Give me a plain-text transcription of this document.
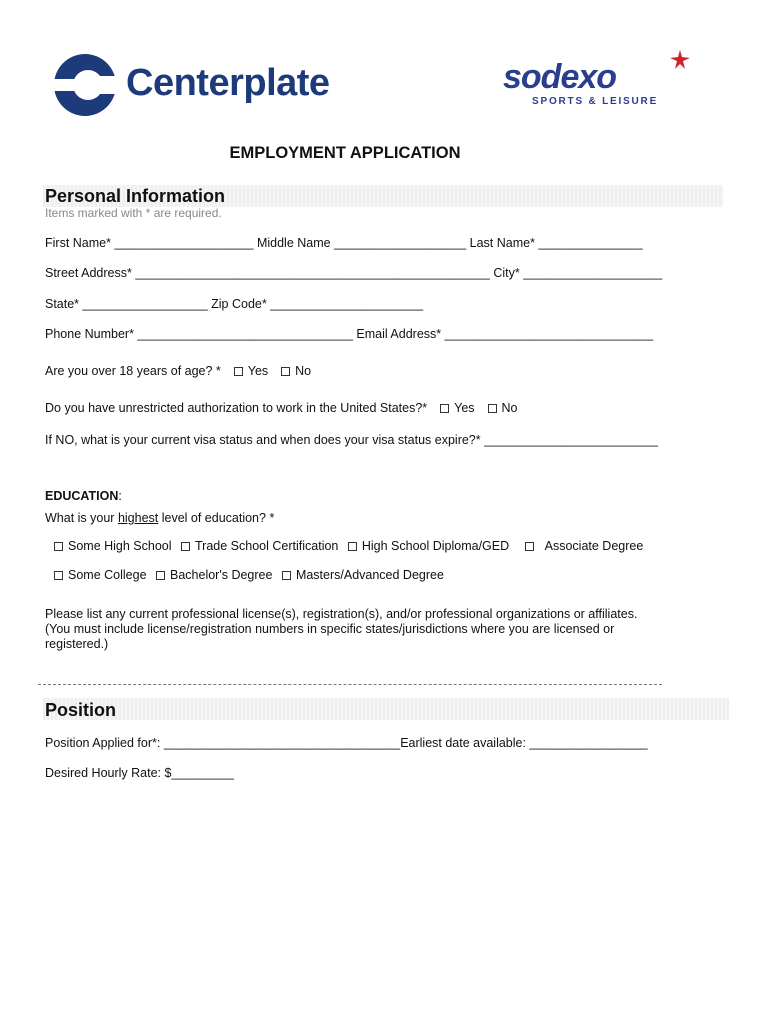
Centerplate	sodexo
SPORTS & LEISURE
EMPLOYMENT APPLICATION
Personal Information
Items marked with * are required.
First Name* ____________________ Middle Name ___________________ Last Name* _______________
Street Address* ___________________________________________________ City* ____________________
State* __________________ Zip Code* ______________________
Phone Number* _______________________________ Email Address* ______________________________
Are you over 18 years of age? * Yes No
Do you have unrestricted authorization to work in the United States?* Yes No
If NO, what is your current visa status and when does your visa status expire?* _________________________
EDUCATION:
What is your highest level of education? *
Some High School Trade School Certification High School Diploma/GED	Associate Degree
Some College Bachelor's Degree Masters/Advanced Degree
Please list any current professional license(s), registration(s), and/or professional organizations or affiliates. (You must include license/registration numbers in specific states/jurisdictions where you are licensed or registered.)
Position
Position Applied for*: __________________________________Earliest date available: _________________
Desired Hourly Rate: $_________
